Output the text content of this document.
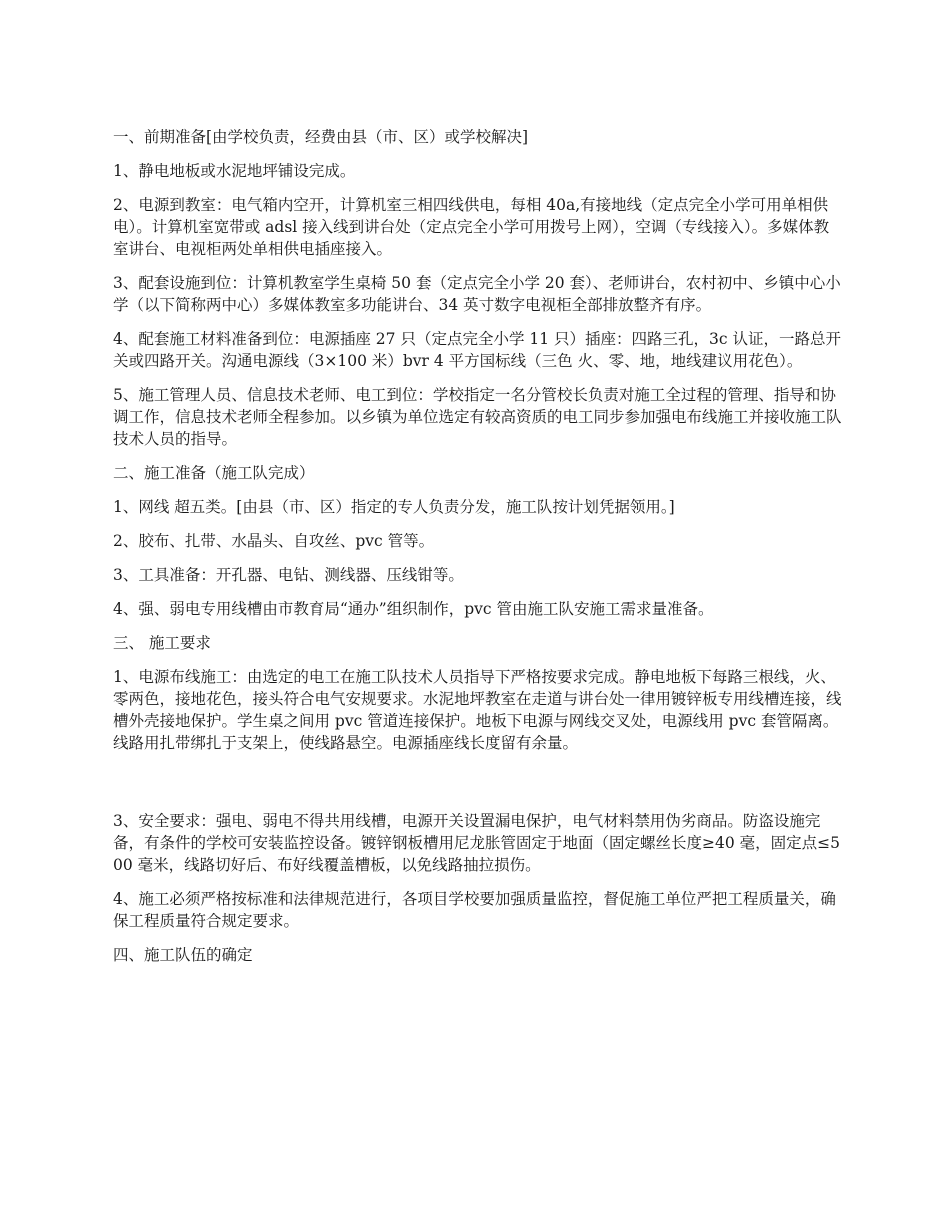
一、前期准备[由学校负责，经费由县（市、区）或学校解决]

1、静电地板或水泥地坪铺设完成。

2、电源到教室：电气箱内空开，计算机室三相四线供电，每相 40a,有接地线（定点完全小学可用单相供电）。计算机室宽带或 adsl 接入线到讲台处（定点完全小学可用拨号上网），空调（专线接入）。多媒体教室讲台、电视柜两处单相供电插座接入。

3、配套设施到位：计算机教室学生桌椅 50 套（定点完全小学 20 套）、老师讲台，农村初中、乡镇中心小学（以下简称两中心）多媒体教室多功能讲台、34 英寸数字电视柜全部排放整齐有序。

4、配套施工材料准备到位：电源插座 27 只（定点完全小学 11 只）插座：四路三孔，3c 认证，一路总开关或四路开关。沟通电源线（3×100 米）bvr 4 平方国标线（三色 火、零、地，地线建议用花色）。

5、施工管理人员、信息技术老师、电工到位：学校指定一名分管校长负责对施工全过程的管理、指导和协调工作，信息技术老师全程参加。以乡镇为单位选定有较高资质的电工同步参加强电布线施工并接收施工队技术人员的指导。

二、施工准备（施工队完成）

1、网线 超五类。[由县（市、区）指定的专人负责分发，施工队按计划凭据领用。]

2、胶布、扎带、水晶头、自攻丝、pvc 管等。

3、工具准备：开孔器、电钻、测线器、压线钳等。

4、强、弱电专用线槽由市教育局“通办”组织制作，pvc 管由施工队安施工需求量准备。

三、 施工要求

1、电源布线施工：由选定的电工在施工队技术人员指导下严格按要求完成。静电地板下每路三根线，火、零两色，接地花色，接头符合电气安规要求。水泥地坪教室在走道与讲台处一律用镀锌板专用线槽连接，线槽外壳接地保护。学生桌之间用 pvc 管道连接保护。地板下电源与网线交叉处，电源线用 pvc 套管隔离。线路用扎带绑扎于支架上，使线路悬空。电源插座线长度留有余量。

3、安全要求：强电、弱电不得共用线槽，电源开关设置漏电保护，电气材料禁用伪劣商品。防盗设施完备，有条件的学校可安装监控设备。镀锌钢板槽用尼龙胀管固定于地面（固定螺丝长度≥40 毫，固定点≤500 毫米，线路切好后、布好线覆盖槽板，以免线路抽拉损伤。

4、施工必须严格按标准和法律规范进行，各项目学校要加强质量监控，督促施工单位严把工程质量关，确保工程质量符合规定要求。

四、施工队伍的确定
